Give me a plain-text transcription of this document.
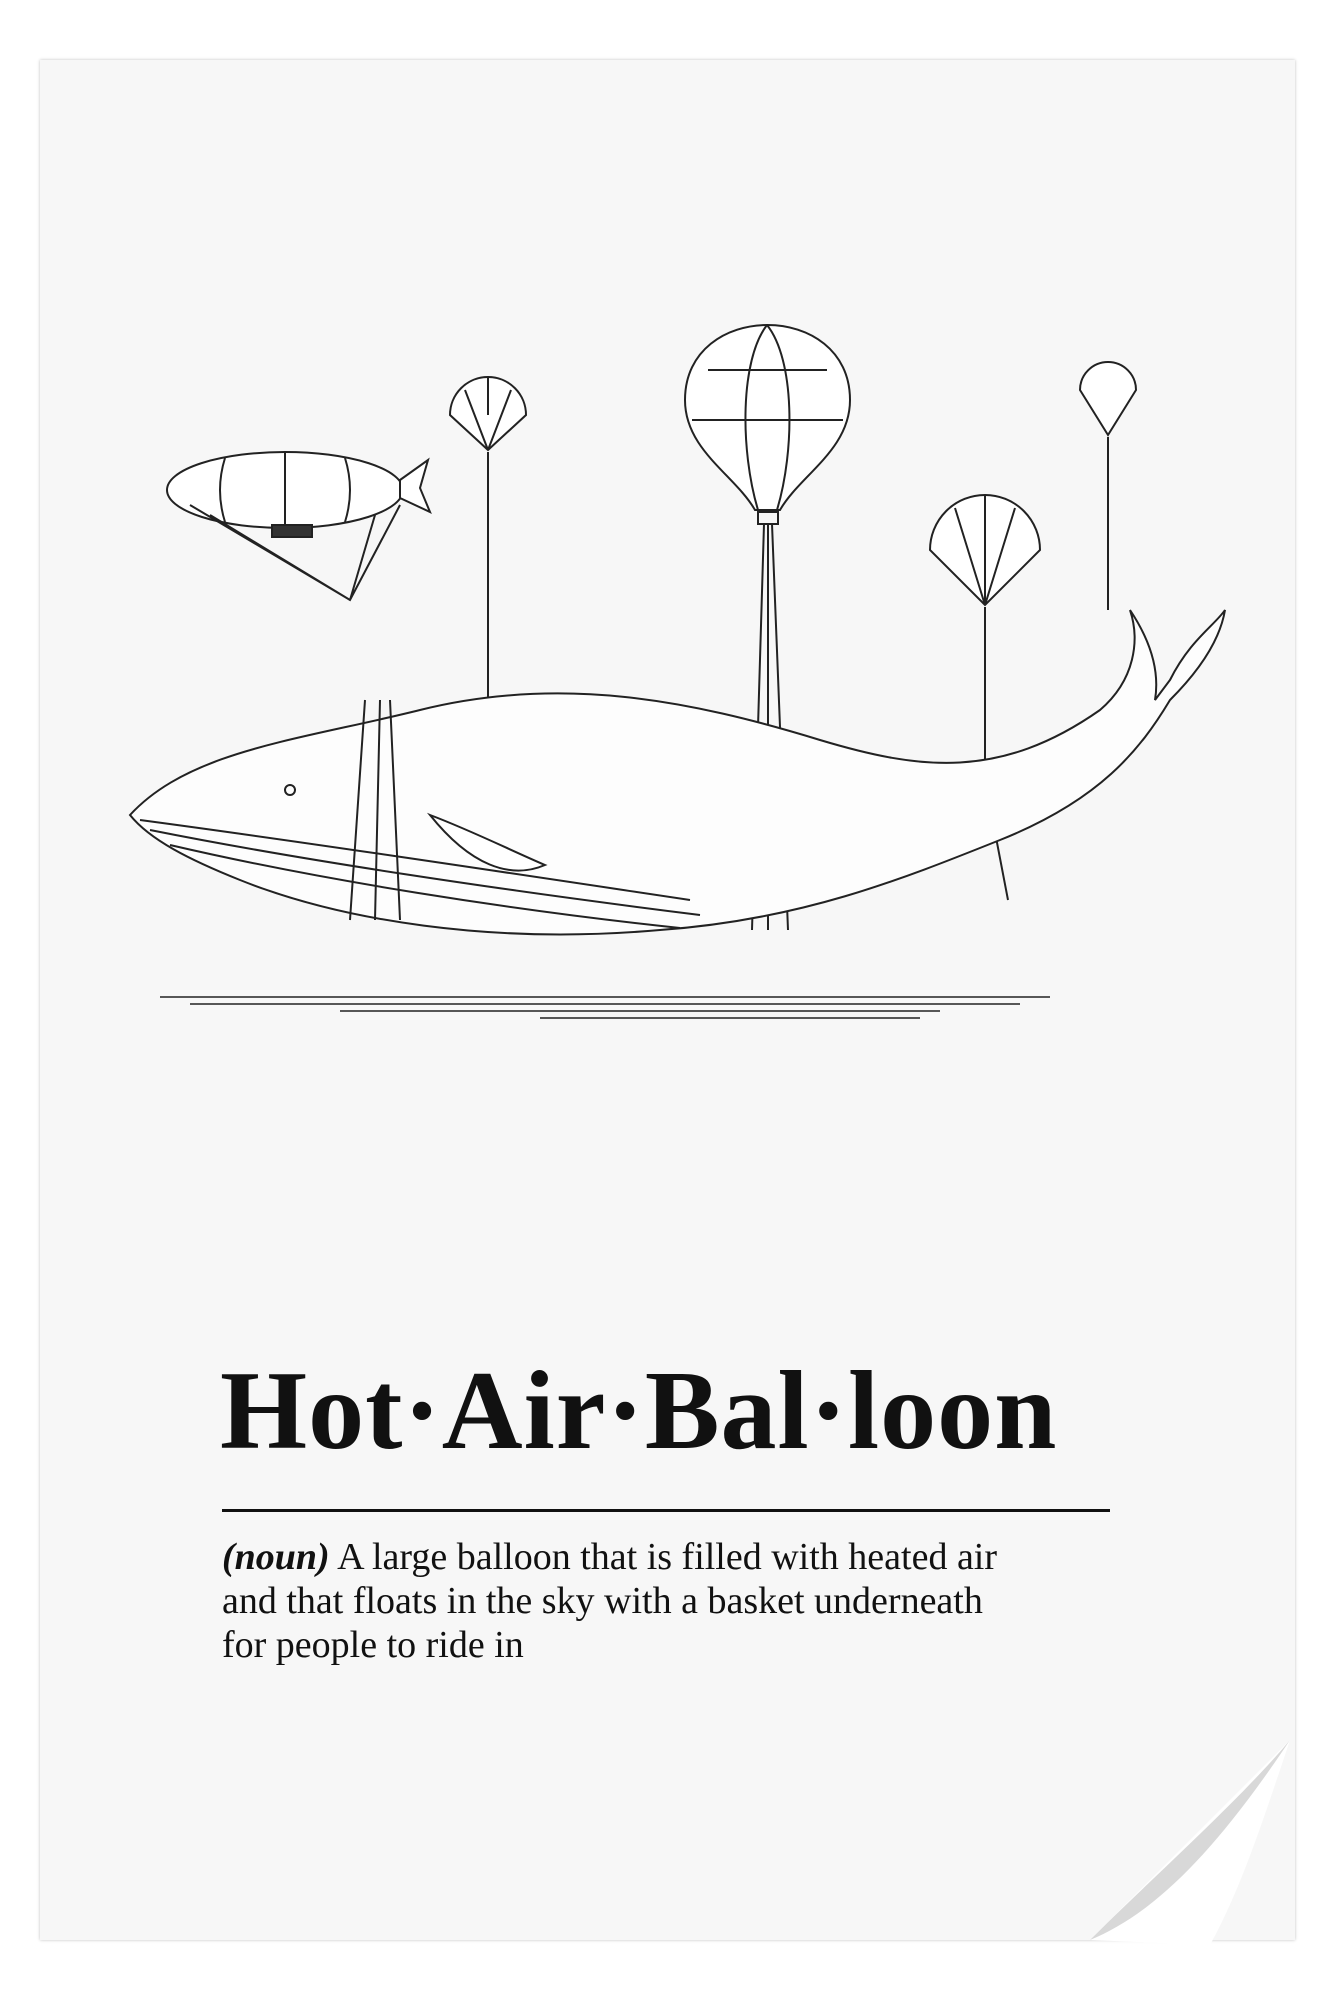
Hot·Air·Bal·loon
(noun) A large balloon that is filled with heated air
and that floats in the sky with a basket underneath
for people to ride in
